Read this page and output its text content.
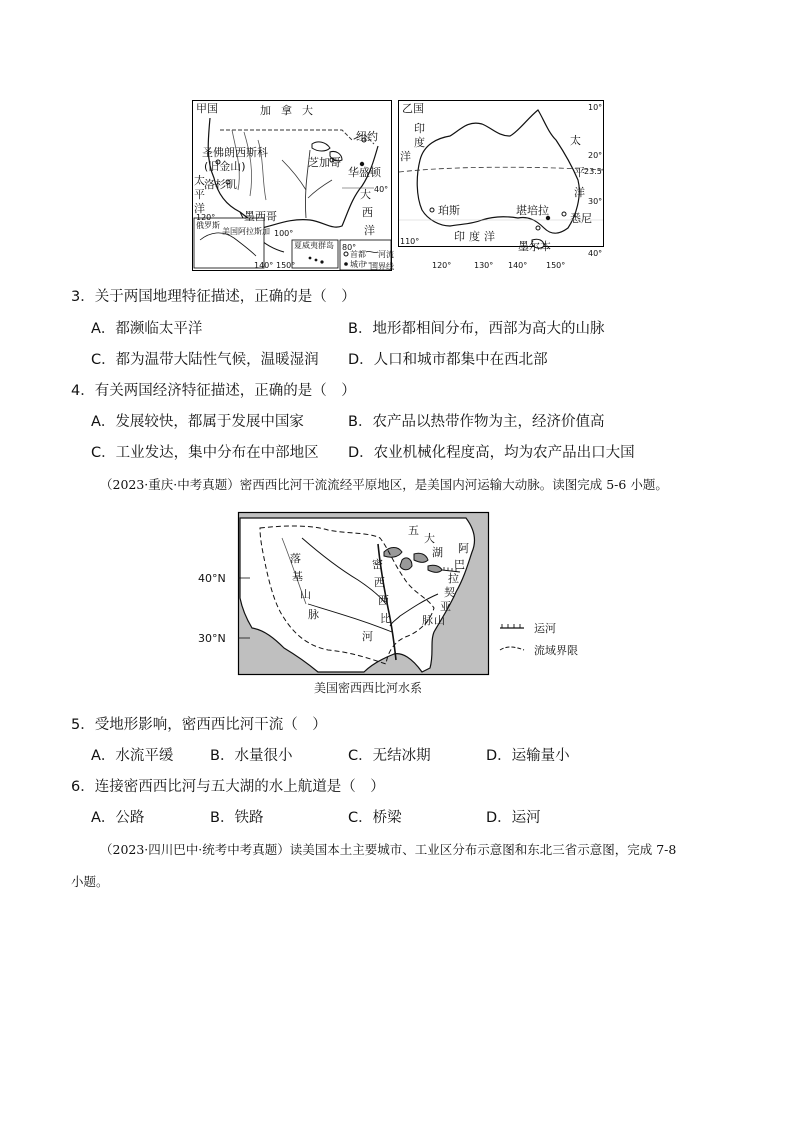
甲国	加拿大
纽约
芝加哥
华盛顿
圣佛朗西斯科
(旧金山)
洛杉矶
太
平
洋
大
西
洋
墨西哥
俄罗斯
美国阿拉斯加
夏威夷群岛
120°
100°
80°
140° 150°
40°
首都
城市
河流
国界线
乙国
印
度
洋
太
平
洋
印度洋
珀斯	堪培拉
悉尼
墨尔本
10°
20°
23.5°
30°
40°
110°
120°	130° 140° 150°
3．关于两国地理特征描述，正确的是（　）
A．都濒临太平洋	B．地形都相间分布，西部为高大的山脉
C．都为温带大陆性气候，温暖湿润 D．人口和城市都集中在西北部
4．有关两国经济特征描述，正确的是（　）
A．发展较快，都属于发展中国家	B．农产品以热带作物为主，经济价值高
C．工业发达，集中分布在中部地区 D．农业机械化程度高，均为农产品出口大国
（2023·重庆·中考真题）密西西比河干流流经平原地区，是美国内河运输大动脉。读图完成 5-6 小题。
40°N
30°N
落
基
山
脉
密
西
西
比
河
五
大
湖 阿
巴
拉
契
亚
山
脉
运河
流域界限
美国密西西比河水系
5．受地形影响，密西西比河干流（　）
A．水流平缓	B．水量很小	C．无结冰期	D．运输量小
6．连接密西西比河与五大湖的水上航道是（　）
A．公路	B．铁路	C．桥梁	D．运河
（2023·四川巴中·统考中考真题）读美国本土主要城市、工业区分布示意图和东北三省示意图，完成 7-8
小题。
